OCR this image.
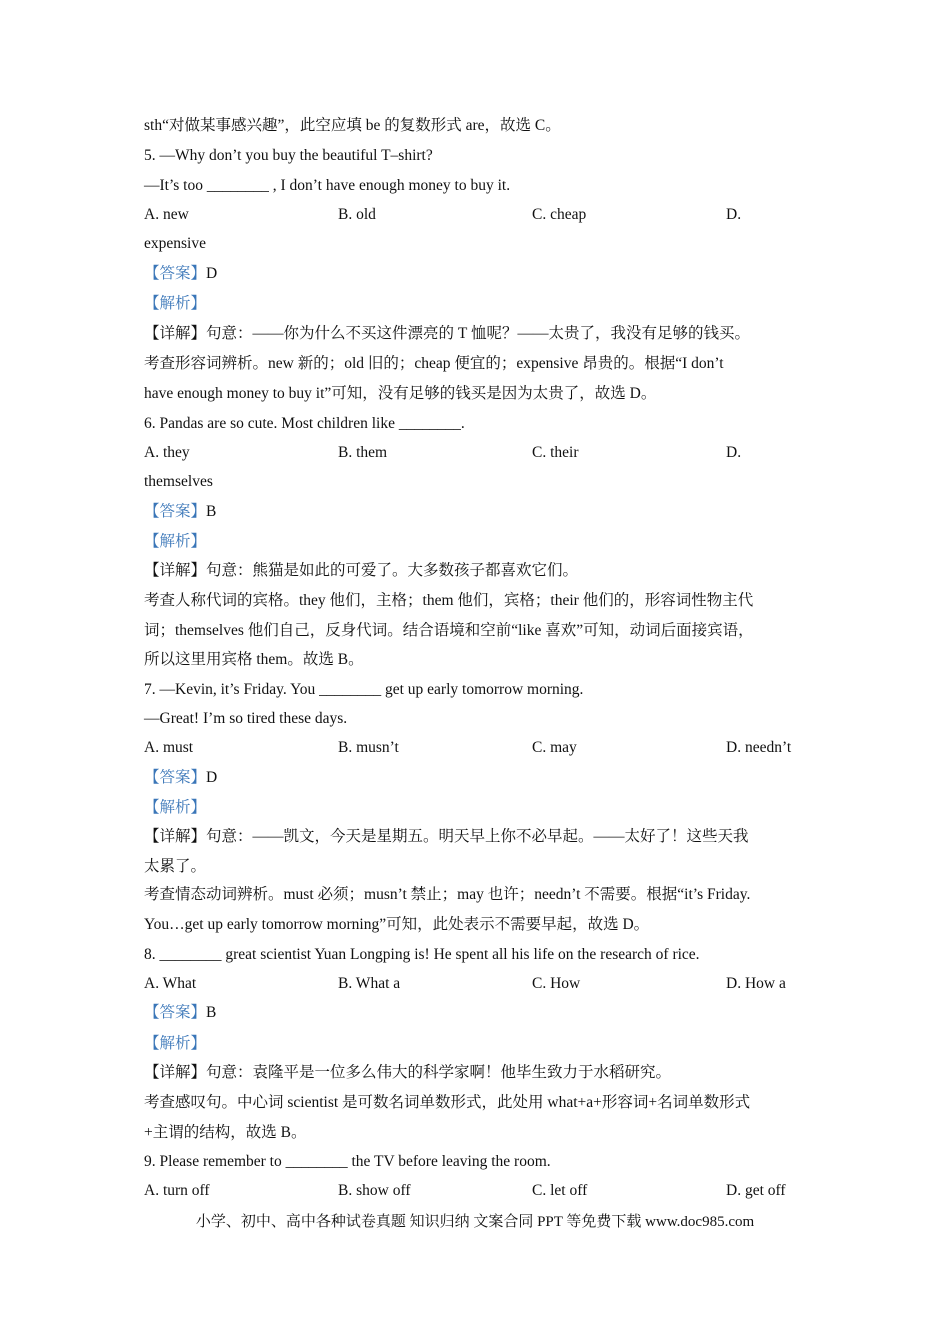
sth“对做某事感兴趣”，此空应填 be 的复数形式 are，故选 C。
5. —Why don’t you buy the beautiful T–shirt?
—It’s too ________ , I don’t have enough money to buy it.
A. new	B. old	C. cheap	D.
expensive
【答案】D
【解析】
【详解】句意：——你为什么不买这件漂亮的 T 恤呢？——太贵了，我没有足够的钱买。
考查形容词辨析。new 新的；old 旧的；cheap 便宜的；expensive 昂贵的。根据“I don’t
have enough money to buy it”可知，没有足够的钱买是因为太贵了，故选 D。
6. Pandas are so cute. Most children like ________.
A. they	B. them	C. their	D.
themselves
【答案】B
【解析】
【详解】句意：熊猫是如此的可爱了。大多数孩子都喜欢它们。
考查人称代词的宾格。they 他们，主格；them 他们，宾格；their 他们的，形容词性物主代
词；themselves 他们自己，反身代词。结合语境和空前“like 喜欢”可知，动词后面接宾语，
所以这里用宾格 them。故选 B。
7. —Kevin, it’s Friday. You ________ get up early tomorrow morning.
—Great! I’m so tired these days.
A. must	B. musn’t	C. may	D. needn’t
【答案】D
【解析】
【详解】句意：——凯文，今天是星期五。明天早上你不必早起。——太好了！这些天我
太累了。
考查情态动词辨析。must 必须；musn’t 禁止；may 也许；needn’t 不需要。根据“it’s Friday.
You…get up early tomorrow morning”可知，此处表示不需要早起，故选 D。
8. ________ great scientist Yuan Longping is! He spent all his life on the research of rice.
A. What	B. What a	C. How	D. How a
【答案】B
【解析】
【详解】句意：袁隆平是一位多么伟大的科学家啊！他毕生致力于水稻研究。
考查感叹句。中心词 scientist 是可数名词单数形式，此处用 what+a+形容词+名词单数形式
+主谓的结构，故选 B。
9. Please remember to ________ the TV before leaving the room.
A. turn off	B. show off	C. let off	D. get off
小学、初中、高中各种试卷真题 知识归纳 文案合同 PPT 等免费下载 www.doc985.com
